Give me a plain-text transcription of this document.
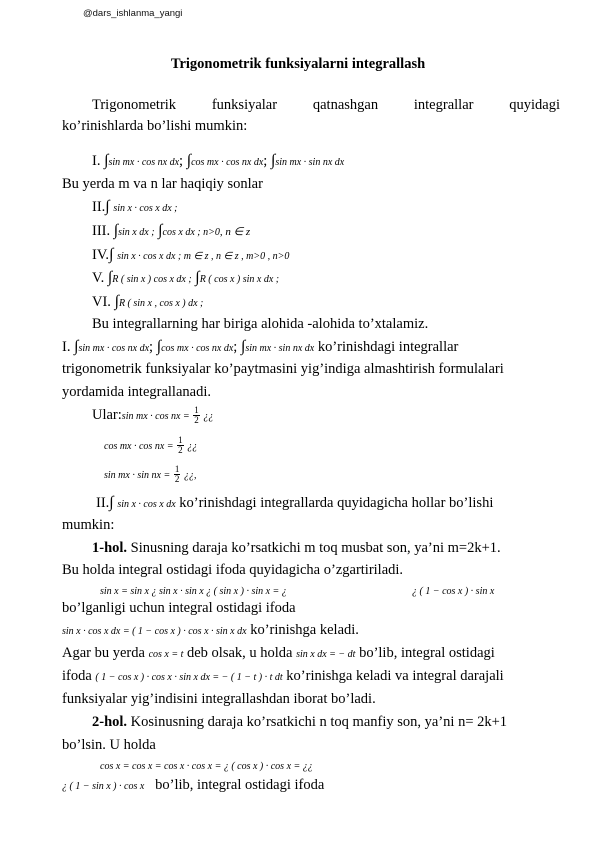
@dars_ishlanma_yangi
Trigonometrik funksiyalarni integrallash
Trigonometrik funksiyalar qatnashgan integrallar quyidagi
ko’rinishlarda bo’lishi mumkin:
I. ∫sin mx · cos nx dx; ∫cos mx · cos nx dx; ∫sin mx · sin nx dx
Bu yerda m va n lar haqiqiy sonlar
II.∫ sin x · cos x dx ;
III. ∫sin x dx ; ∫cos x dx ; n>0, n ∈ z
IV.∫ sin x · cos x dx ; m ∈ z , n ∈ z , m>0 , n>0
V. ∫R ( sin x ) cos x dx ; ∫R ( cos x ) sin x dx ;
VI. ∫R ( sin x , cos x ) dx ;
Bu integrallarning har biriga alohida -alohida to’xtalamiz.
I. ∫sin mx · cos nx dx; ∫cos mx · cos nx dx; ∫sin mx · sin nx dx ko’rinishdagi integrallar
trigonometrik funksiyalar ko’paytmasini yig’indiga almashtirish formulalari
yordamida integrallanadi.
Ular:sin mx · cos nx = $\frac{1}{2}$ ¿¿
cos mx · cos nx = $\frac{1}{2}$ ¿¿
sin mx · sin nx = $\frac{1}{2}$ ¿¿,
II.∫ sin x · cos x dx ko’rinishdagi integrallarda quyidagicha hollar bo’lishi
mumkin:
1-hol. Sinusning daraja ko’rsatkichi m toq musbat son, ya’ni m=2k+1.
Bu holda integral ostidagi ifoda quyidagicha o’zgartiriladi.
sin x = sin x ¿ sin x · sin x ¿ ( sin x ) · sin x = ¿	¿ ( 1 − cos x ) · sin x
bo’lganligi uchun integral ostidagi ifoda
sin x · cos x dx = ( 1 − cos x ) · cos x · sin x dx ko’rinishga keladi.
Agar bu yerda cos x = t deb olsak, u holda sin x dx = − dt bo’lib, integral ostidagi
ifoda ( 1 − cos x ) · cos x · sin x dx = − ( 1 − t ) · t dt ko’rinishga keladi va integral darajali
funksiyalar yig’indisini integrallashdan iborat bo’ladi.
2-hol. Kosinusning daraja ko’rsatkichi n toq manfiy son, ya’ni n= 2k+1
bo’lsin. U holda
cos x = cos x = cos x · cos x = ¿ ( cos x ) · cos x = ¿¿
¿ ( 1 − sin x ) · cos x bo’lib, integral ostidagi ifoda
